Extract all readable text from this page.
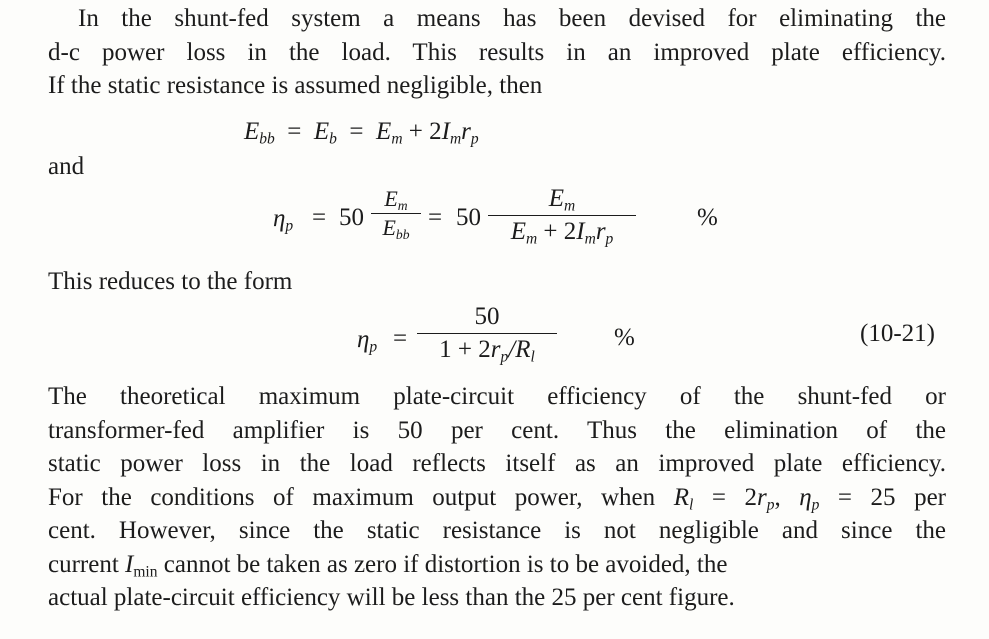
In the shunt-fed system a means has been devised for eliminating the
d-c power loss in the load. This results in an improved plate efficiency.
If the static resistance is assumed negligible, then
$E_{bb} = E_b = E_m + 2I_mr_p$
and
$\eta_p = 50$
$E_m$
$E_{bb}$
= 50
$E_m$
$E_m + 2I_mr_p$
%
This reduces to the form
$\eta_p$ =
50
$1 + 2r_p/R_l$
%	(10-21)
The theoretical maximum plate-circuit efficiency of the shunt-fed or
transformer-fed amplifier is 50 per cent. Thus the elimination of the
static power loss in the load reflects itself as an improved plate efficiency.
For the conditions of maximum output power, when $R_l = 2r_p$, $\eta_p = 25$ per
cent. However, since the static resistance is not negligible and since the
current $I_{min}$ cannot be taken as zero if distortion is to be avoided, the
actual plate-circuit efficiency will be less than the 25 per cent figure.
